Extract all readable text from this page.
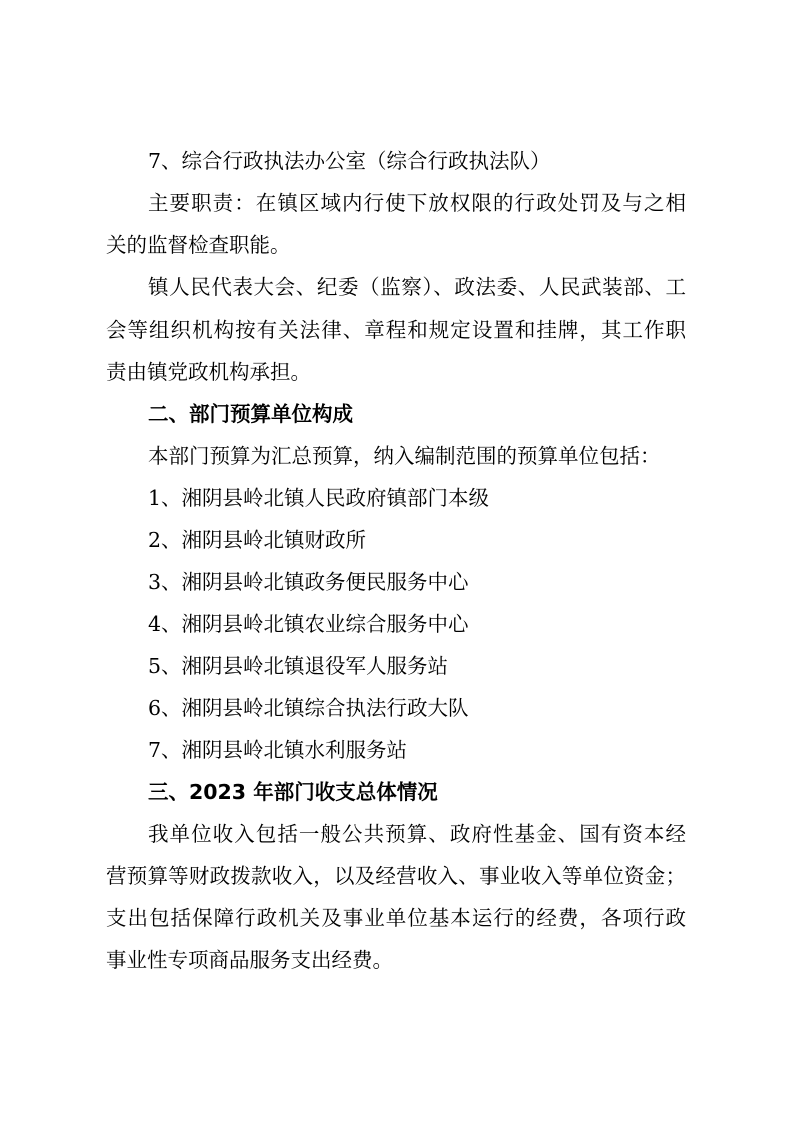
7、综合行政执法办公室（综合行政执法队）
主要职责：在镇区域内行使下放权限的行政处罚及与之相
关的监督检查职能。
镇人民代表大会、纪委（监察）、政法委、人民武装部、工
会等组织机构按有关法律、章程和规定设置和挂牌，其工作职
责由镇党政机构承担。
二、部门预算单位构成
本部门预算为汇总预算，纳入编制范围的预算单位包括：
1、湘阴县岭北镇人民政府镇部门本级
2、湘阴县岭北镇财政所
3、湘阴县岭北镇政务便民服务中心
4、湘阴县岭北镇农业综合服务中心
5、湘阴县岭北镇退役军人服务站
6、湘阴县岭北镇综合执法行政大队
7、湘阴县岭北镇水利服务站
三、2023 年部门收支总体情况
我单位收入包括一般公共预算、政府性基金、国有资本经
营预算等财政拨款收入，以及经营收入、事业收入等单位资金；
支出包括保障行政机关及事业单位基本运行的经费，各项行政
事业性专项商品服务支出经费。
